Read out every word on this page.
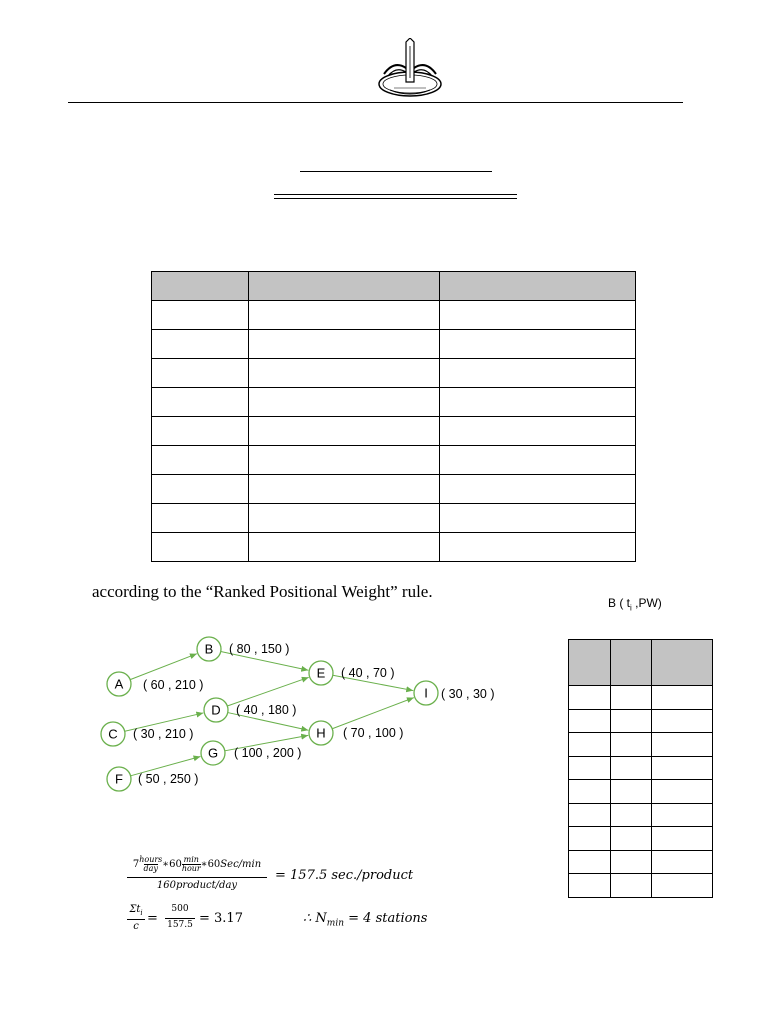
according to the “Ranked Positional Weight” rule.
B ( $t_i$ ,PW)
A
B
C
D
E
F
G
H
I
( 60 , 210 )
( 80 , 150 )
( 30 , 210 )
( 40 , 180 )
( 40 , 70 )
( 50 , 250 )
( 100 , 200 )
( 70 , 100 )
( 30 , 30 )

7hours
day ∗60 min
hour∗60Sec/min
160product/day
= 157.5 sec./product
$\Sigma t_i$
c
=
500
157.5 = 3.17	∴ $N_{min} = 4$ stations
